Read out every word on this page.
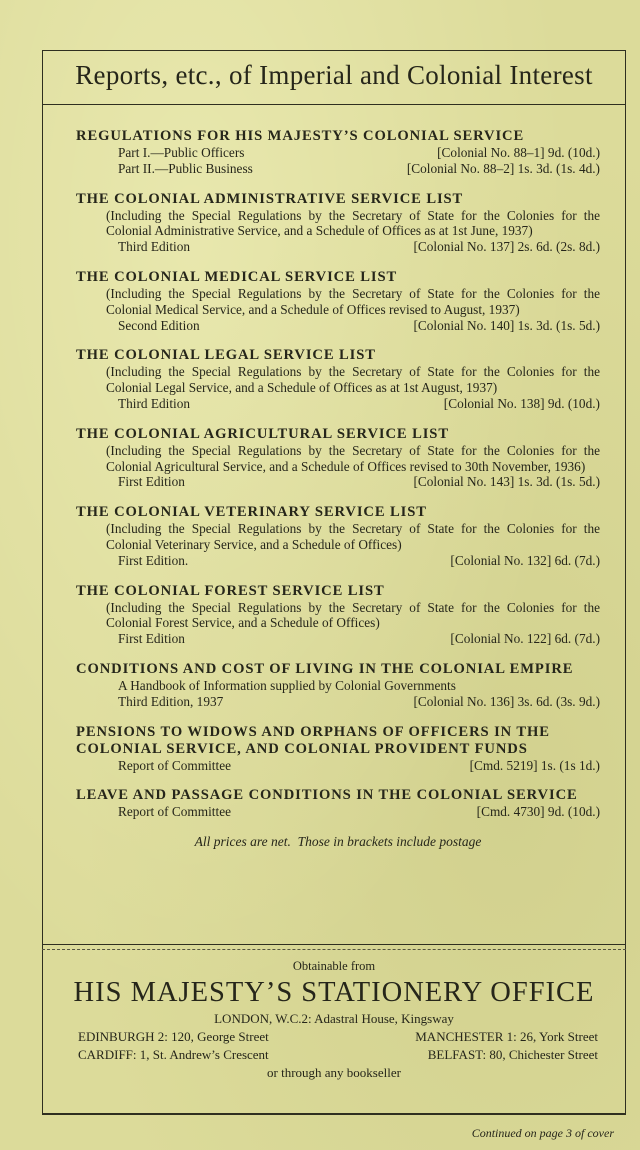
Reports, etc., of Imperial and Colonial Interest
REGULATIONS FOR HIS MAJESTY’S COLONIAL SERVICE
Part I.—Public Officers	[Colonial No. 88–1] 9d. (10d.)
Part II.—Public Business	[Colonial No. 88–2] 1s. 3d. (1s. 4d.)
THE COLONIAL ADMINISTRATIVE SERVICE LIST
(Including the Special Regulations by the Secretary of State for the Colonies for the Colonial Administrative Service, and a Schedule of Offices as at 1st June, 1937)
Third Edition	[Colonial No. 137] 2s. 6d. (2s. 8d.)
THE COLONIAL MEDICAL SERVICE LIST
(Including the Special Regulations by the Secretary of State for the Colonies for the Colonial Medical Service, and a Schedule of Offices revised to August, 1937)
Second Edition	[Colonial No. 140] 1s. 3d. (1s. 5d.)
THE COLONIAL LEGAL SERVICE LIST
(Including the Special Regulations by the Secretary of State for the Colonies for the Colonial Legal Service, and a Schedule of Offices as at 1st August, 1937)
Third Edition	[Colonial No. 138] 9d. (10d.)
THE COLONIAL AGRICULTURAL SERVICE LIST
(Including the Special Regulations by the Secretary of State for the Colonies for the Colonial Agricultural Service, and a Schedule of Offices revised to 30th November, 1936)
First Edition	[Colonial No. 143] 1s. 3d. (1s. 5d.)
THE COLONIAL VETERINARY SERVICE LIST
(Including the Special Regulations by the Secretary of State for the Colonies for the Colonial Veterinary Service, and a Schedule of Offices)
First Edition.	[Colonial No. 132] 6d. (7d.)
THE COLONIAL FOREST SERVICE LIST
(Including the Special Regulations by the Secretary of State for the Colonies for the Colonial Forest Service, and a Schedule of Offices)
First Edition	[Colonial No. 122] 6d. (7d.)
CONDITIONS AND COST OF LIVING IN THE COLONIAL EMPIRE
A Handbook of Information supplied by Colonial Governments
Third Edition, 1937	[Colonial No. 136] 3s. 6d. (3s. 9d.)
PENSIONS TO WIDOWS AND ORPHANS OF OFFICERS IN THE COLONIAL SERVICE, AND COLONIAL PROVIDENT FUNDS
Report of Committee	[Cmd. 5219] 1s. (1s 1d.)
LEAVE AND PASSAGE CONDITIONS IN THE COLONIAL SERVICE
Report of Committee	[Cmd. 4730] 9d. (10d.)
All prices are net. Those in brackets include postage
Obtainable from
HIS MAJESTY’S STATIONERY OFFICE
LONDON, W.C.2: Adastral House, Kingsway
EDINBURGH 2: 120, George Street	MANCHESTER 1: 26, York Street
CARDIFF: 1, St. Andrew’s Crescent	BELFAST: 80, Chichester Street
or through any bookseller
Continued on page 3 of cover
